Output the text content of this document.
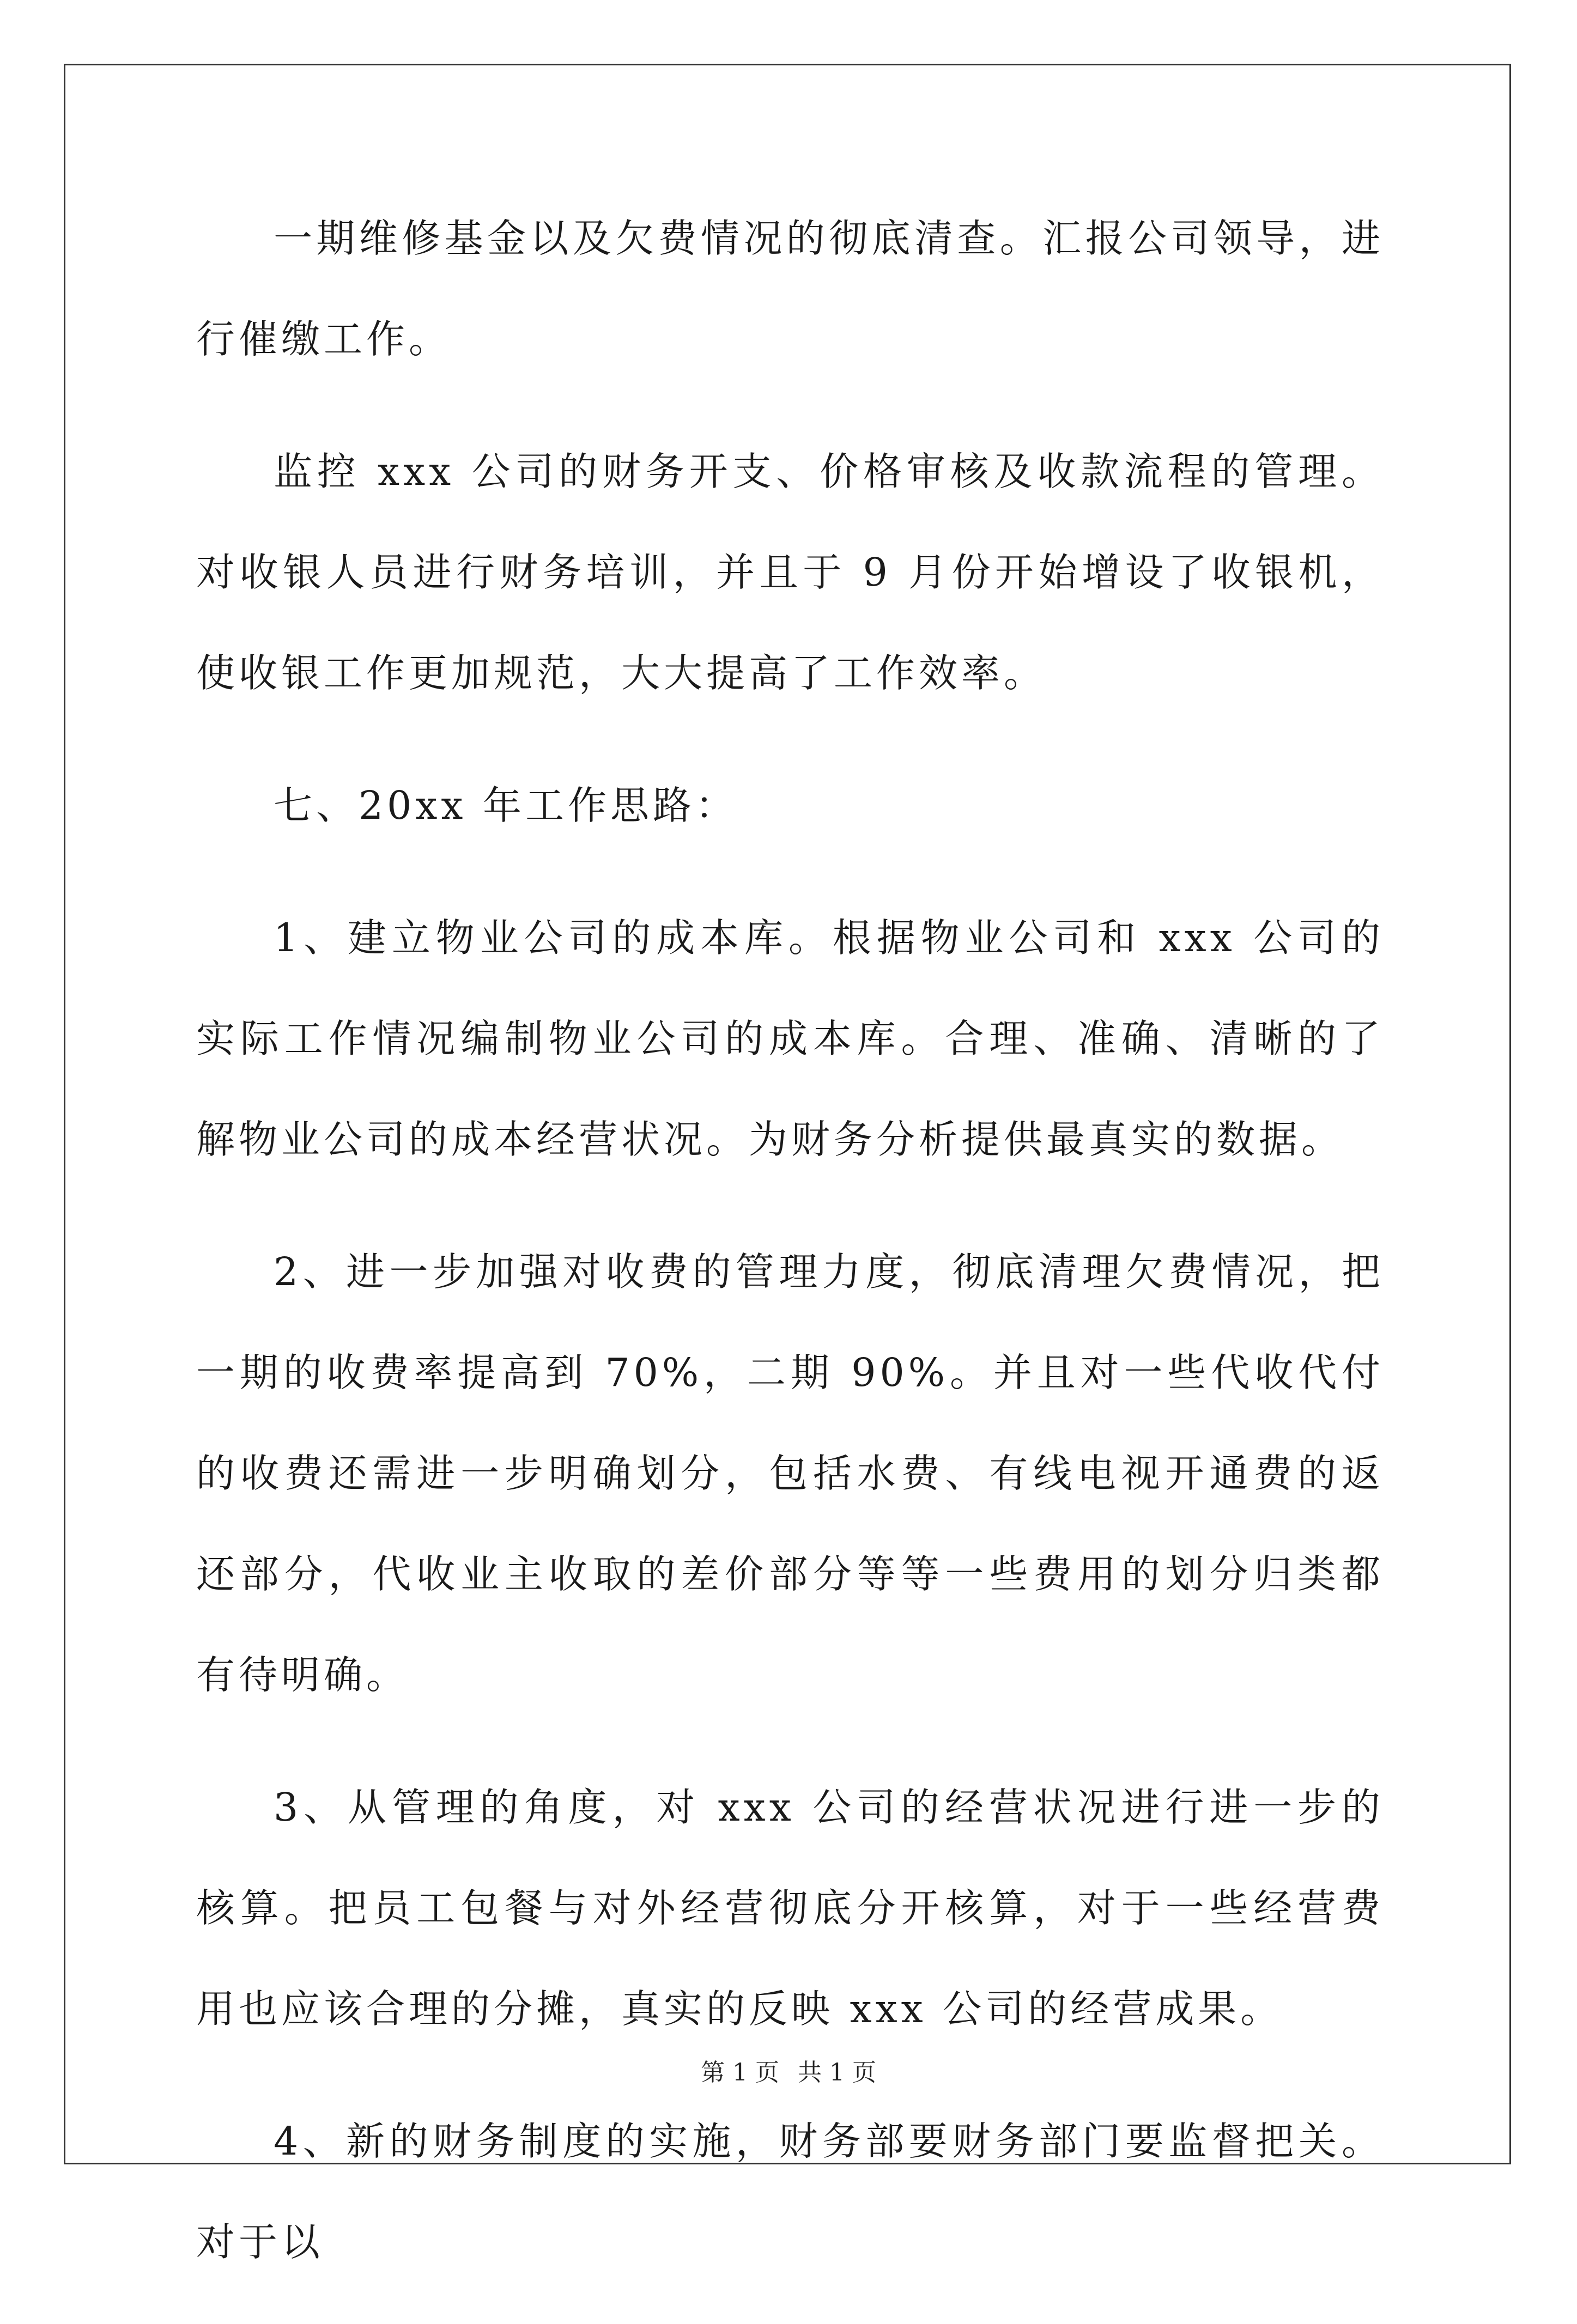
一期维修基金以及欠费情况的彻底清查。汇报公司领导，进行催缴工作。

监控 xxx 公司的财务开支、价格审核及收款流程的管理。对收银人员进行财务培训，并且于 9 月份开始增设了收银机，使收银工作更加规范，大大提高了工作效率。

七、20xx 年工作思路：

1、建立物业公司的成本库。根据物业公司和 xxx 公司的实际工作情况编制物业公司的成本库。合理、准确、清晰的了解物业公司的成本经营状况。为财务分析提供最真实的数据。

2、进一步加强对收费的管理力度，彻底清理欠费情况，把一期的收费率提高到 70%，二期 90%。并且对一些代收代付的收费还需进一步明确划分，包括水费、有线电视开通费的返还部分，代收业主收取的差价部分等等一些费用的划分归类都有待明确。

3、从管理的角度，对 xxx 公司的经营状况进行进一步的核算。把员工包餐与对外经营彻底分开核算，对于一些经营费用也应该合理的分摊，真实的反映 xxx 公司的经营成果。

4、新的财务制度的实施，财务部要财务部门要监督把关。对于以

第 1 页 共 1 页
